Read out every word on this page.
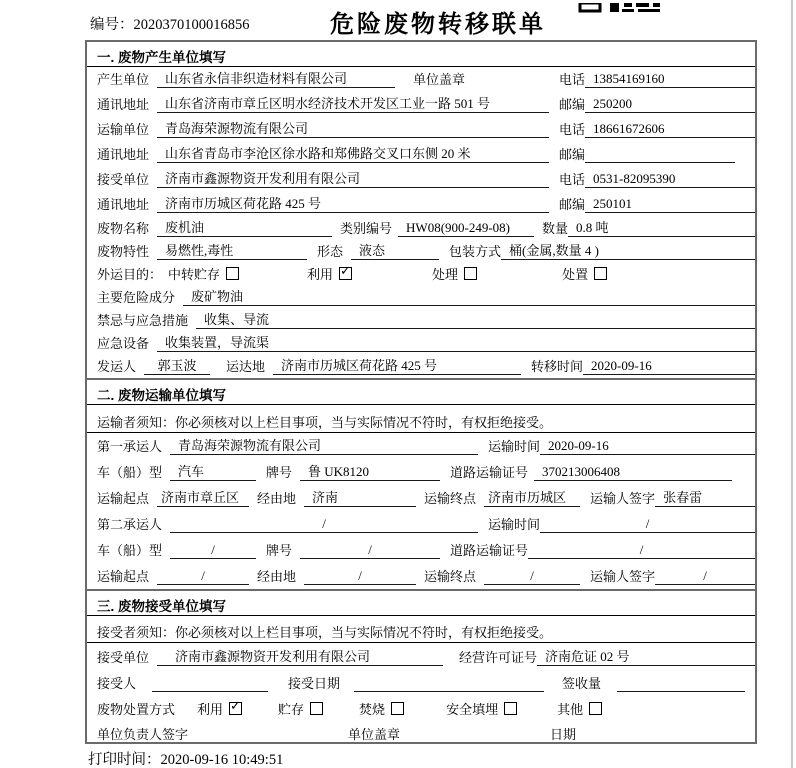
编号：2020370100016856	危险废物转移联单
一. 废物产生单位填写
产生单位	山东省永信非织造材料有限公司	单位盖章	电话 13854169160
通讯地址	山东省济南市章丘区明水经济技术开发区工业一路 501 号	邮编 250200
运输单位	青岛海荣源物流有限公司	电话 18661672606
通讯地址	山东省青岛市李沧区徐水路和郑佛路交叉口东侧 20 米	邮编
接受单位	济南市鑫源物资开发利用有限公司	电话 0531-82095390
通讯地址	济南市历城区荷花路 425 号	邮编 250101
废物名称	废机油	类别编号	HW08(900-249-08)	数量 0.8 吨
废物特性	易燃性,毒性	形态	液态	包装方式 桶(金属,数量 4 )
外运目的： 中转贮存	利用 ✓	处理	处置
主要危险成分	废矿物油
禁忌与应急措施	收集、导流
应急设备	收集装置，导流渠
发运人	郭玉波	运达地	济南市历城区荷花路 425 号	转移时间 2020-09-16
二. 废物运输单位填写
运输者须知：你必须核对以上栏目事项，当与实际情况不符时，有权拒绝接受。
第一承运人	青岛海荣源物流有限公司	运输时间 2020-09-16
车（船）型	汽车	牌号	鲁 UK8120	道路运输证号	370213006408
运输起点 济南市章丘区	经由地	济南	运输终点 济南市历城区	运输人签字 张春雷
第二承运人	/	运输时间	/
车（船）型	/	牌号	/	道路运输证号	/
运输起点	/	经由地	/	运输终点	/	运输人签字	/
三. 废物接受单位填写
接受者须知：你必须核对以上栏目事项，当与实际情况不符时，有权拒绝接受。
接受单位	济南市鑫源物资开发利用有限公司	经营许可证号 济南危证 02 号
接受人	接受日期	签收量
废物处置方式 利用 ✓	贮存	焚烧	安全填埋	其他
单位负责人签字	单位盖章	日期
打印时间：2020-09-16 10:49:51
